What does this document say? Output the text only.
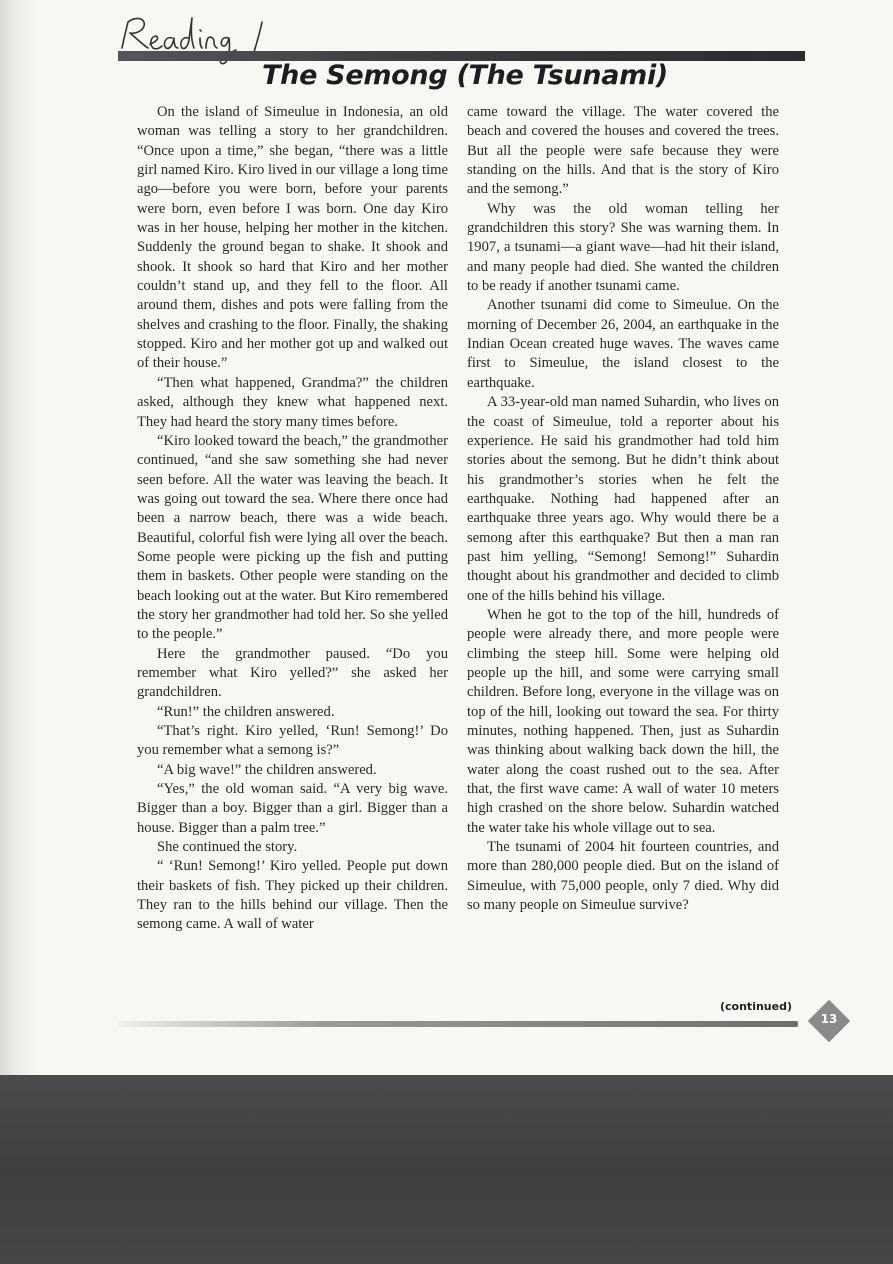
The Semong (The Tsunami)

On the island of Simeulue in Indonesia, an old woman was telling a story to her grandchildren. “Once upon a time,” she began, “there was a little girl named Kiro. Kiro lived in our village a long time ago—before you were born, before your parents were born, even before I was born. One day Kiro was in her house, helping her mother in the kitchen. Suddenly the ground began to shake. It shook and shook. It shook so hard that Kiro and her mother couldn’t stand up, and they fell to the floor. All around them, dishes and pots were falling from the shelves and crashing to the floor. Finally, the shaking stopped. Kiro and her mother got up and walked out of their house.”

“Then what happened, Grandma?” the children asked, although they knew what happened next. They had heard the story many times before.

“Kiro looked toward the beach,” the grandmother continued, “and she saw something she had never seen before. All the water was leaving the beach. It was going out toward the sea. Where there once had been a narrow beach, there was a wide beach. Beautiful, colorful fish were lying all over the beach. Some people were picking up the fish and putting them in baskets. Other people were standing on the beach looking out at the water. But Kiro remembered the story her grandmother had told her. So she yelled to the people.”

Here the grandmother paused. “Do you remember what Kiro yelled?” she asked her grandchildren.

“Run!” the children answered.

“That’s right. Kiro yelled, ‘Run! Semong!’ Do you remember what a semong is?”

“A big wave!” the children answered.

“Yes,” the old woman said. “A very big wave. Bigger than a boy. Bigger than a girl. Bigger than a house. Bigger than a palm tree.”

She continued the story.

“ ‘Run! Semong!’ Kiro yelled. People put down their baskets of fish. They picked up their children. They ran to the hills behind our village. Then the semong came. A wall of water

came toward the village. The water covered the beach and covered the houses and covered the trees. But all the people were safe because they were standing on the hills. And that is the story of Kiro and the semong.”

Why was the old woman telling her grandchildren this story? She was warning them. In 1907, a tsunami—a giant wave—had hit their island, and many people had died. She wanted the children to be ready if another tsunami came.

Another tsunami did come to Simeulue. On the morning of December 26, 2004, an earthquake in the Indian Ocean created huge waves. The waves came first to Simeulue, the island closest to the earthquake.

A 33-year-old man named Suhardin, who lives on the coast of Simeulue, told a reporter about his experience. He said his grandmother had told him stories about the semong. But he didn’t think about his grandmother’s stories when he felt the earthquake. Nothing had happened after an earthquake three years ago. Why would there be a semong after this earthquake? But then a man ran past him yelling, “Semong! Semong!” Suhardin thought about his grandmother and decided to climb one of the hills behind his village.

When he got to the top of the hill, hundreds of people were already there, and more people were climbing the steep hill. Some were helping old people up the hill, and some were carrying small children. Before long, everyone in the village was on top of the hill, looking out toward the sea. For thirty minutes, nothing happened. Then, just as Suhardin was thinking about walking back down the hill, the water along the coast rushed out to the sea. After that, the first wave came: A wall of water 10 meters high crashed on the shore below. Suhardin watched the water take his whole village out to sea.

The tsunami of 2004 hit fourteen countries, and more than 280,000 people died. But on the island of Simeulue, with 75,000 people, only 7 died. Why did so many people on Simeulue survive?

(continued)
13
